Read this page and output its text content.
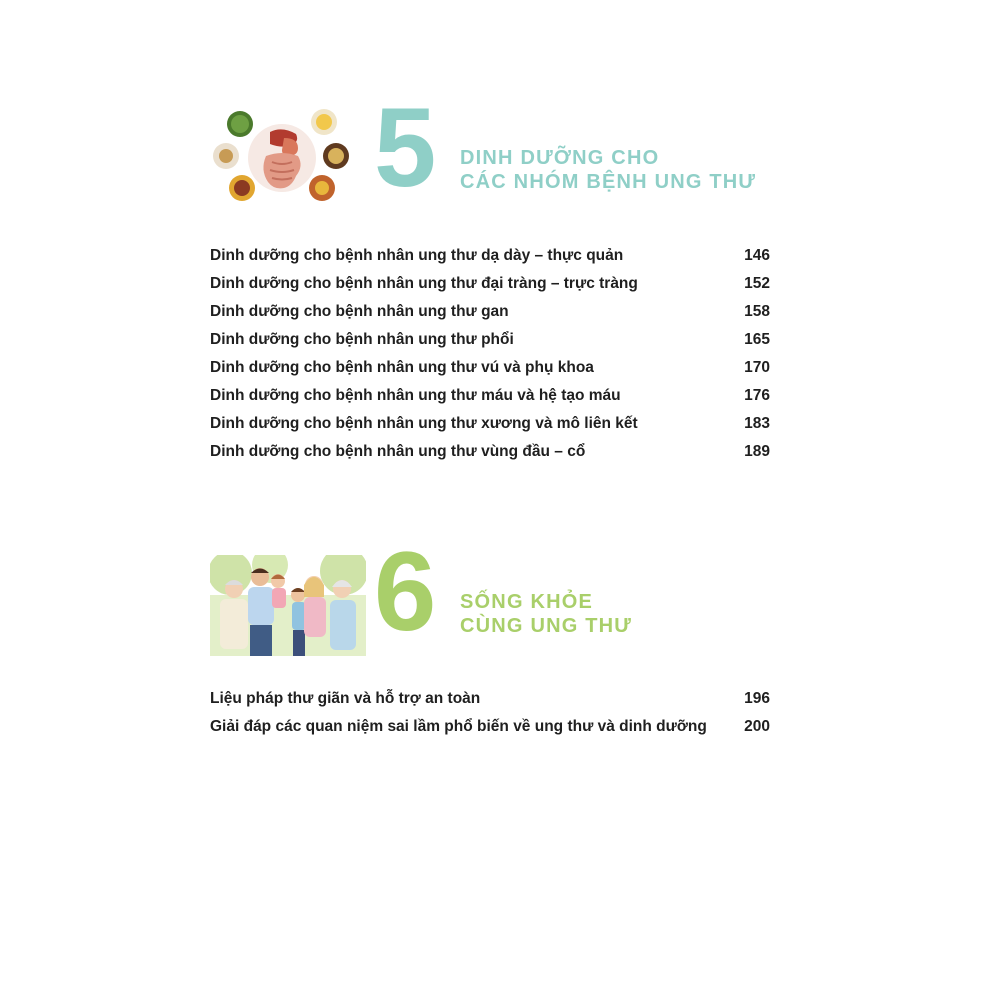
5 DINH DƯỠNG CHO
CÁC NHÓM BỆNH UNG THƯ
Dinh dưỡng cho bệnh nhân ung thư dạ dày – thực quản	146
Dinh dưỡng cho bệnh nhân ung thư đại tràng – trực tràng	152
Dinh dưỡng cho bệnh nhân ung thư gan	158
Dinh dưỡng cho bệnh nhân ung thư phổi	165
Dinh dưỡng cho bệnh nhân ung thư vú và phụ khoa	170
Dinh dưỡng cho bệnh nhân ung thư máu và hệ tạo máu	176
Dinh dưỡng cho bệnh nhân ung thư xương và mô liên kết	183
Dinh dưỡng cho bệnh nhân ung thư vùng đầu – cổ	189
6 SỐNG KHỎE
CÙNG UNG THƯ
Liệu pháp thư giãn và hỗ trợ an toàn	196
Giải đáp các quan niệm sai lầm phổ biến về ung thư và dinh dưỡng	200
